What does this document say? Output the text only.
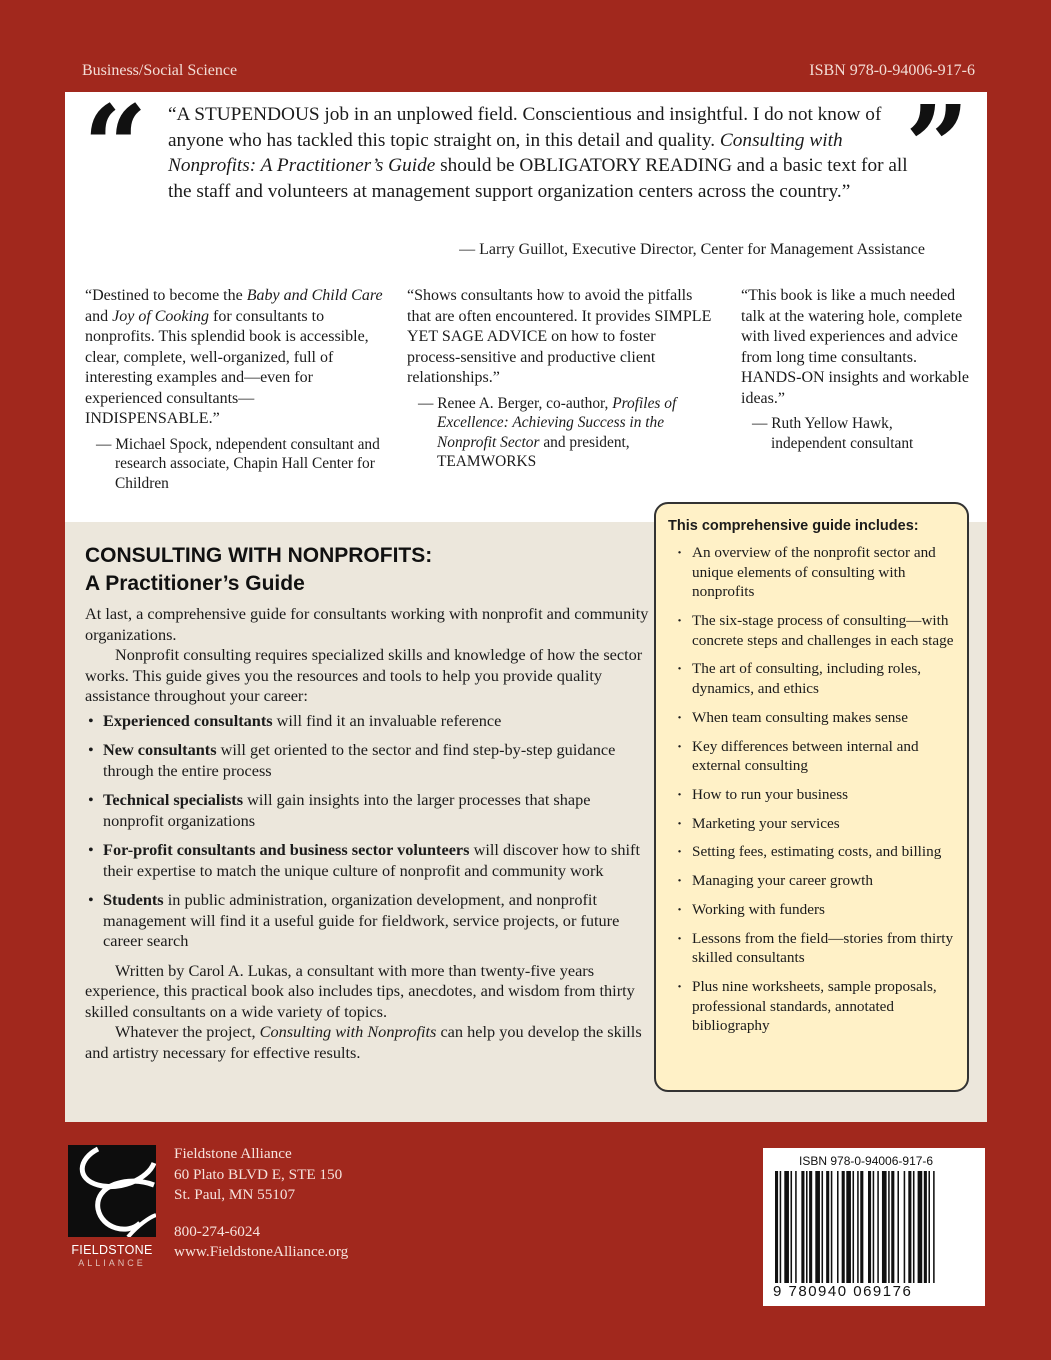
Business/Social Science	ISBN 978-0-94006-917-6
“	”
“A STUPENDOUS job in an unplowed field. Conscientious and insightful. I do not know of anyone who has tackled this topic straight on, in this detail and quality. Consulting with Nonprofits: A Practitioner’s Guide should be OBLIGATORY READING and a basic text for all the staff and volunteers at management support organization centers across the country.”
— Larry Guillot, Executive Director, Center for Management Assistance
“Destined to become the Baby and Child Care and Joy of Cooking for consultants to nonprofits. This splendid book is accessible, clear, complete, well-organized, full of interesting examples and—even for experienced consultants—INDISPENSABLE.”
— Michael Spock, ndependent consultant and research associate, Chapin Hall Center for Children
“Shows consultants how to avoid the pitfalls that are often encountered. It provides SIMPLE YET SAGE ADVICE on how to foster process-sensitive and productive client relationships.”
— Renee A. Berger, co-author, Profiles of Excellence: Achieving Success in the Nonprofit Sector and president, TEAMWORKS
“This book is like a much needed talk at the watering hole, complete with lived experiences and advice from long time consultants. HANDS-ON insights and workable ideas.”
— Ruth Yellow Hawk, independent consultant
CONSULTING WITH NONPROFITS:
A Practitioner’s Guide

At last, a comprehensive guide for consultants working with nonprofit and community organizations.

Nonprofit consulting requires specialized skills and knowledge of how the sector works. This guide gives you the resources and tools to help you provide quality assistance throughout your career:

• Experienced consultants will find it an invaluable reference
• New consultants will get oriented to the sector and find step-by-step guidance through the entire process
• Technical specialists will gain insights into the larger processes that shape nonprofit organizations
• For-profit consultants and business sector volunteers will discover how to shift their expertise to match the unique culture of nonprofit and community work
• Students in public administration, organization development, and nonprofit management will find it a useful guide for fieldwork, service projects, or future career search

Written by Carol A. Lukas, a consultant with more than twenty-five years experience, this practical book also includes tips, anecdotes, and wisdom from thirty skilled consultants on a wide variety of topics.

Whatever the project, Consulting with Nonprofits can help you develop the skills and artistry necessary for effective results.

This comprehensive guide includes:
· An overview of the nonprofit sector and unique elements of consulting with nonprofits
· The six-stage process of consulting—with concrete steps and challenges in each stage
· The art of consulting, including roles, dynamics, and ethics
· When team consulting makes sense
· Key differences between internal and external consulting
· How to run your business
· Marketing your services
· Setting fees, estimating costs, and billing
· Managing your career growth
· Working with funders
· Lessons from the field—stories from thirty skilled consultants
· Plus nine worksheets, sample proposals, professional standards, annotated bibliography
FIELDSTONE
ALLIANCE
Fieldstone Alliance
60 Plato BLVD E, STE 150
St. Paul, MN 55107
800-274-6024
www.FieldstoneAlliance.org
ISBN 978-0-94006-917-6
9 780940 069176
